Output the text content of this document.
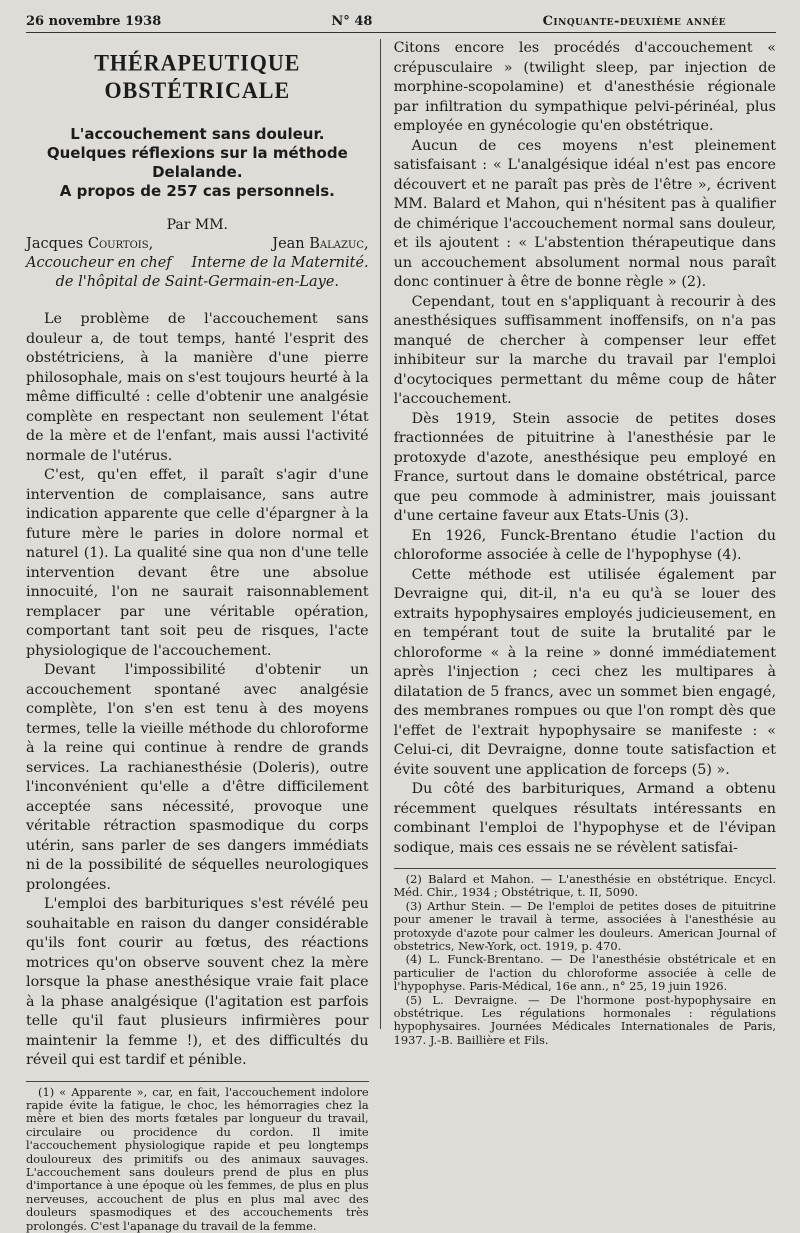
26 novembre 1938	N° 48	Cinquante-deuxième année
THÉRAPEUTIQUE OBSTÉTRICALE
L'accouchement sans douleur.
Quelques réflexions sur la méthode Delalande.
A propos de 257 cas personnels.
Par MM.
Jacques Courtois,	Jean Balazuc,
Accoucheur en chef Interne de la Maternité.
de l'hôpital de Saint-Germain-en-Laye.

Le problème de l'accouchement sans douleur a, de tout temps, hanté l'esprit des obstétriciens, à la manière d'une pierre philosophale, mais on s'est toujours heurté à la même difficulté : celle d'obtenir une analgésie complète en respectant non seulement l'état de la mère et de l'enfant, mais aussi l'activité normale de l'utérus.

C'est, qu'en effet, il paraît s'agir d'une intervention de complaisance, sans autre indication apparente que celle d'épargner à la future mère le paries in dolore normal et naturel (1). La qualité sine qua non d'une telle intervention devant être une absolue innocuité, l'on ne saurait raisonnablement remplacer par une véritable opération, comportant tant soit peu de risques, l'acte physiologique de l'accouchement.

Devant l'impossibilité d'obtenir un accouchement spontané avec analgésie complète, l'on s'en est tenu à des moyens termes, telle la vieille méthode du chloroforme à la reine qui continue à rendre de grands services. La rachianesthésie (Doleris), outre l'inconvénient qu'elle a d'être difficilement acceptée sans nécessité, provoque une véritable rétraction spasmodique du corps utérin, sans parler de ses dangers immédiats ni de la possibilité de séquelles neurologiques prolongées.

L'emploi des barbituriques s'est révélé peu souhaitable en raison du danger considérable qu'ils font courir au fœtus, des réactions motrices qu'on observe souvent chez la mère lorsque la phase anesthésique vraie fait place à la phase analgésique (l'agitation est parfois telle qu'il faut plusieurs infirmières pour maintenir la femme !), et des difficultés du réveil qui est tardif et pénible.

(1) « Apparente », car, en fait, l'accouchement indolore rapide évite la fatigue, le choc, les hémorragies chez la mère et bien des morts fœtales par longueur du travail, circulaire ou procidence du cordon. Il imite l'accouchement physiologique rapide et peu longtemps douloureux des primitifs ou des animaux sauvages. L'accouchement sans douleurs prend de plus en plus d'importance à une époque où les femmes, de plus en plus nerveuses, accouchent de plus en plus mal avec des douleurs spasmodiques et des accouchements très prolongés. C'est l'apanage du travail de la femme.

Citons encore les procédés d'accouchement « crépusculaire » (twilight sleep, par injection de morphine-scopolamine) et d'anesthésie régionale par infiltration du sympathique pelvi-périnéal, plus employée en gynécologie qu'en obstétrique.

Aucun de ces moyens n'est pleinement satisfaisant : « L'analgésique idéal n'est pas encore découvert et ne paraît pas près de l'être », écrivent MM. Balard et Mahon, qui n'hésitent pas à qualifier de chimérique l'accouchement normal sans douleur, et ils ajoutent : « L'abstention thérapeutique dans un accouchement absolument normal nous paraît donc continuer à être de bonne règle » (2).

Cependant, tout en s'appliquant à recourir à des anesthésiques suffisamment inoffensifs, on n'a pas manqué de chercher à compenser leur effet inhibiteur sur la marche du travail par l'emploi d'ocytociques permettant du même coup de hâter l'accouchement.

Dès 1919, Stein associe de petites doses fractionnées de pituitrine à l'anesthésie par le protoxyde d'azote, anesthésique peu employé en France, surtout dans le domaine obstétrical, parce que peu commode à administrer, mais jouissant d'une certaine faveur aux Etats-Unis (3).

En 1926, Funck-Brentano étudie l'action du chloroforme associée à celle de l'hypophyse (4).

Cette méthode est utilisée également par Devraigne qui, dit-il, n'a eu qu'à se louer des extraits hypophysaires employés judicieusement, en en tempérant tout de suite la brutalité par le chloroforme « à la reine » donné immédiatement après l'injection ; ceci chez les multipares à dilatation de 5 francs, avec un sommet bien engagé, des membranes rompues ou que l'on rompt dès que l'effet de l'extrait hypophysaire se manifeste : « Celui-ci, dit Devraigne, donne toute satisfaction et évite souvent une application de forceps (5) ».

Du côté des barbituriques, Armand a obtenu récemment quelques résultats intéressants en combinant l'emploi de l'hypophyse et de l'évipan sodique, mais ces essais ne se révèlent satisfai-

(2) Balard et Mahon. — L'anesthésie en obstétrique. Encycl. Méd. Chir., 1934 ; Obstétrique, t. II, 5090.

(3) Arthur Stein. — De l'emploi de petites doses de pituitrine pour amener le travail à terme, associées à l'anesthésie au protoxyde d'azote pour calmer les douleurs. American Journal of obstetrics, New-York, oct. 1919, p. 470.

(4) L. Funck-Brentano. — De l'anesthésie obstétricale et en particulier de l'action du chloroforme associée à celle de l'hypophyse. Paris-Médical, 16e ann., n° 25, 19 juin 1926.

(5) L. Devraigne. — De l'hormone post-hypophysaire en obstétrique. Les régulations hormonales : régulations hypophysaires. Journées Médicales Internationales de Paris, 1937. J.-B. Baillière et Fils.
